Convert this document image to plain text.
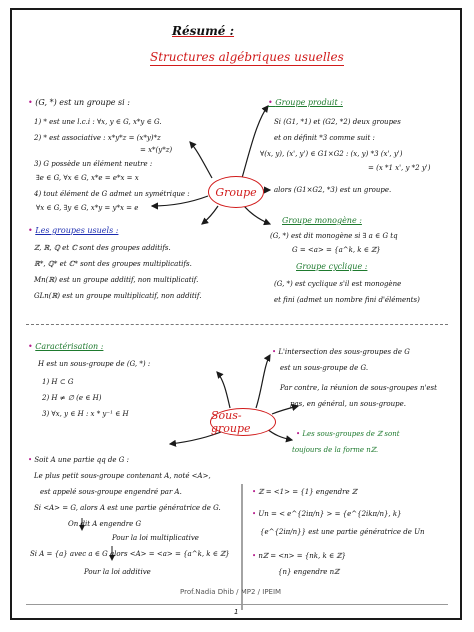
Résumé :
Structures algébriques usuelles
Groupe
Sous-groupe
• (G, *) est un groupe si :
1) * est une l.c.i : ∀x, y ∈ G, x*y ∈ G.
2) * est associative : x*y*z = (x*y)*z
= x*(y*z)
3) G possède un élément neutre :
∃e ∈ G, ∀x ∈ G, x*e = e*x = x
4) tout élément de G admet un symétrique :
∀x ∈ G, ∃y ∈ G, x*y = y*x = e
• Les groupes usuels :
ℤ, ℝ, ℚ et ℂ sont des groupes additifs.
ℝ*, ℚ* et ℂ* sont des groupes multiplicatifs.
Mn(ℝ) est un groupe additif, non multiplicatif.
GLn(ℝ) est un groupe multiplicatif, non additif.
• Groupe produit :
Si (G1, *1) et (G2, *2) deux groupes
et on définit *3 comme suit :
∀(x, y), (x', y') ∈ G1×G2 : (x, y) *3 (x', y')
= (x *1 x', y *2 y')
alors (G1×G2, *3) est un groupe.
Groupe monogène :
(G, *) est dit monogène si ∃ a ∈ G tq
G = <a> = {a^k, k ∈ ℤ}
Groupe cyclique :
(G, *) est cyclique s'il est monogène
et fini (admet un nombre fini d'éléments)
• Caractérisation :
H est un sous-groupe de (G, *) :
1) H ⊂ G
2) H ≠ ∅ (e ∈ H)
3) ∀x, y ∈ H : x * y⁻¹ ∈ H
• L'intersection des sous-groupes de G
est un sous-groupe de G.
Par contre, la réunion de sous-groupes n'est
pas, en général, un sous-groupe.
• Les sous-groupes de ℤ sont
toujours de la forme nℤ.
• Soit A une partie qq de G :
Le plus petit sous-groupe contenant A, noté <A>,
est appelé sous-groupe engendré par A.
Si <A> = G, alors A est une partie génératrice de G.
On dit A engendre G
Pour la loi multiplicative
Si A = {a} avec a ∈ G alors <A> = <a> = {a^k, k ∈ ℤ}
Pour la loi additive
• ℤ = <1> = {1} engendre ℤ
• Un = < e^{2iπ/n} > = {e^{2ikπ/n}, k}
{e^{2iπ/n}} est une partie génératrice de Un
• nℤ = <n> = {nk, k ∈ ℤ}
{n} engendre nℤ
Prof.Nadia Dhib / MP2 / IPEIM
1
